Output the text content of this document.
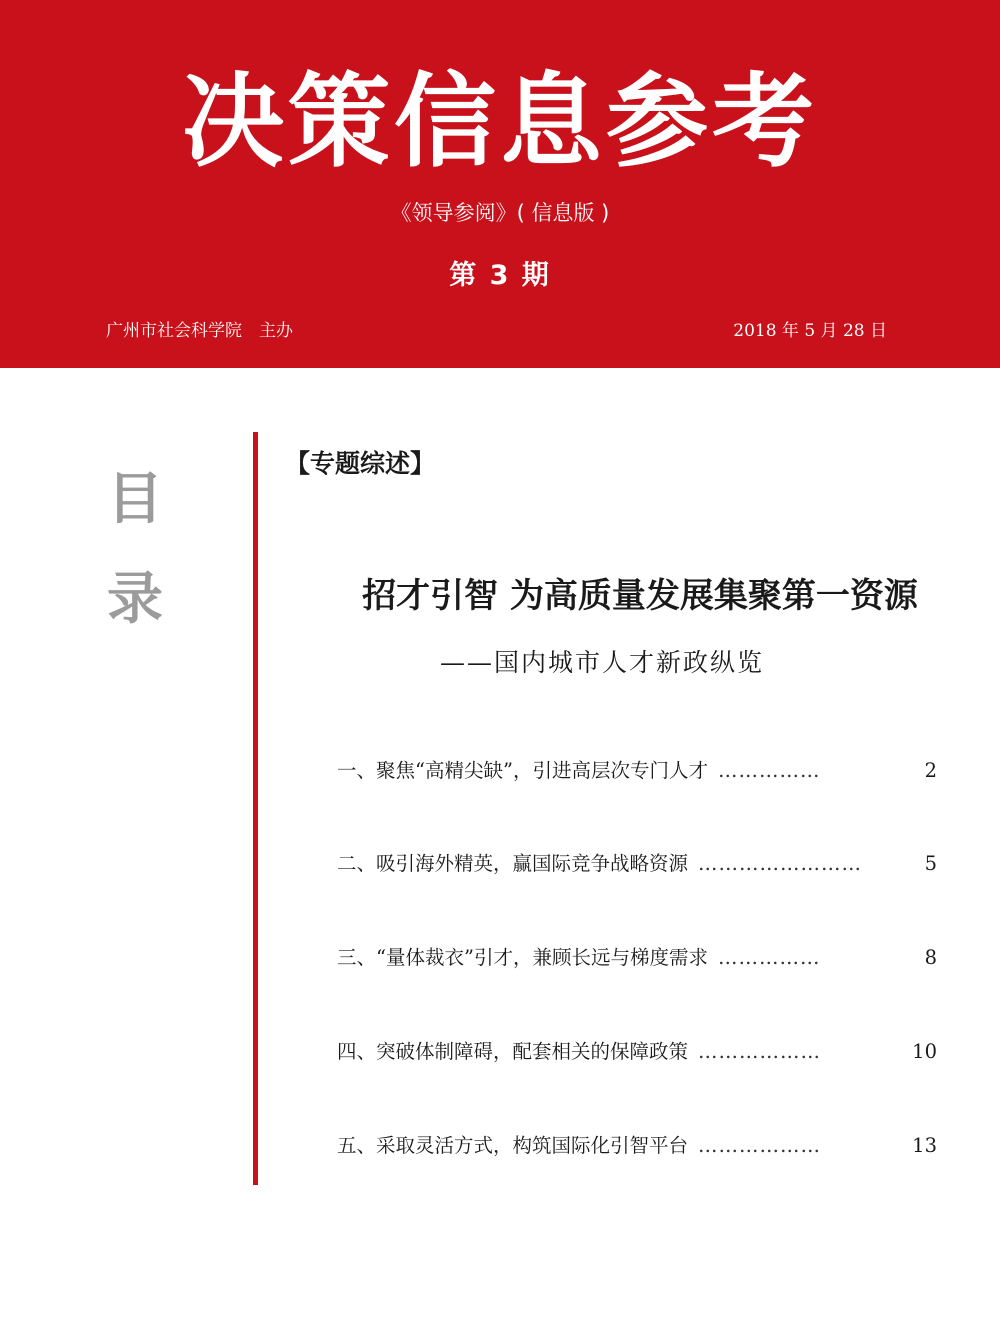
决策信息参考
《领导参阅》( 信息版 )
第 3 期
广州市社会科学院　主办	2018 年 5 月 28 日
目
录
【专题综述】
招才引智 为高质量发展集聚第一资源
——国内城市人才新政纵览
一、聚焦“高精尖缺”，引进高层次专门人才 ……………	2
二、吸引海外精英，赢国际竞争战略资源 ……………………	5
三、“量体裁衣”引才，兼顾长远与梯度需求 ……………	8
四、突破体制障碍，配套相关的保障政策 ………………	10
五、采取灵活方式，构筑国际化引智平台 ………………	13
